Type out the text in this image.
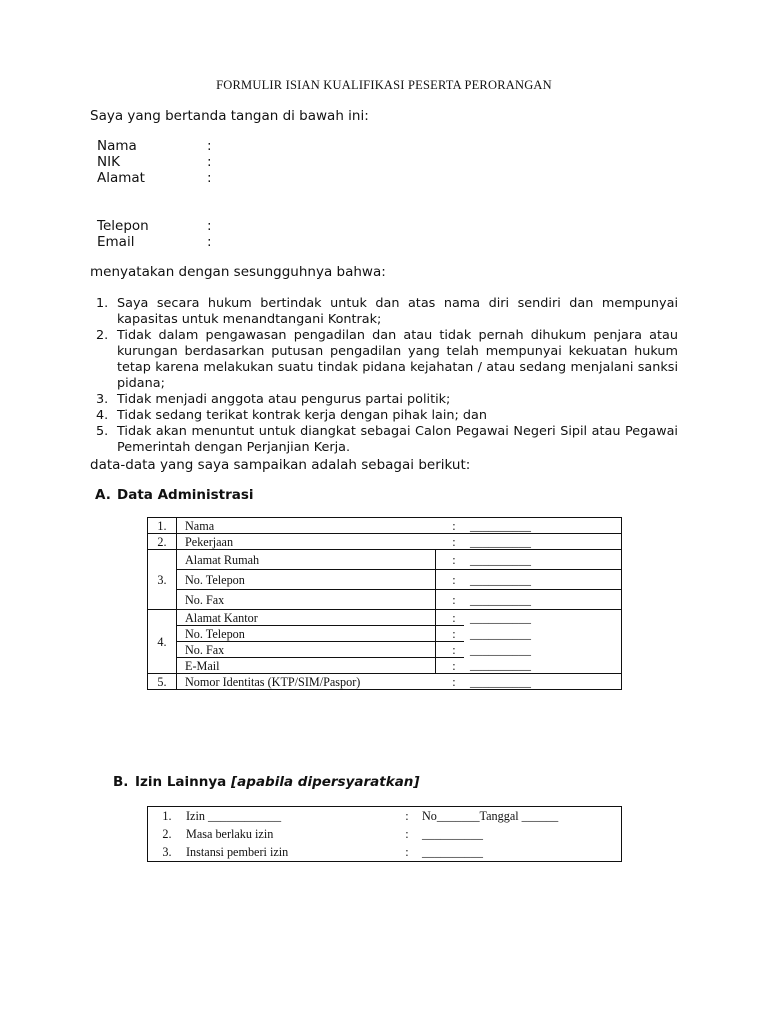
FORMULIR ISIAN KUALIFIKASI PESERTA PERORANGAN
Saya yang bertanda tangan di bawah ini:
Nama	:
NIK	:
Alamat	:
Telepon	:
Email	:
menyatakan dengan sesungguhnya bahwa:
1. Saya secara hukum bertindak untuk dan atas nama diri sendiri dan mempunyai kapasitas untuk menandtangani Kontrak;
2. Tidak dalam pengawasan pengadilan dan atau tidak pernah dihukum penjara atau kurungan berdasarkan putusan pengadilan yang telah mempunyai kekuatan hukum tetap karena melakukan suatu tindak pidana kejahatan / atau sedang menjalani sanksi pidana;
3. Tidak menjadi anggota atau pengurus partai politik;
4. Tidak sedang terikat kontrak kerja dengan pihak lain; dan
5. Tidak akan menuntut untuk diangkat sebagai Calon Pegawai Negeri Sipil atau Pegawai Pemerintah dengan Perjanjian Kerja.
data-data yang saya sampaikan adalah sebagai berikut:
A. Data Administrasi
1.	Nama		:	__________
2.	Pekerjaan		:	__________
3.	Alamat Rumah		:	__________
	No. Telepon		:	__________
	No. Fax		:	__________
4.	Alamat Kantor		:	__________
	No. Telepon		:	__________
	No. Fax		:	__________
	E-Mail		:	__________
5.	Nomor Identitas (KTP/SIM/Paspor)		:	__________
B. Izin Lainnya [apabila dipersyaratkan]
1.	Izin ____________	:	No_______Tanggal ______
2.	Masa berlaku izin	:	__________
3.	Instansi pemberi izin	:	__________
